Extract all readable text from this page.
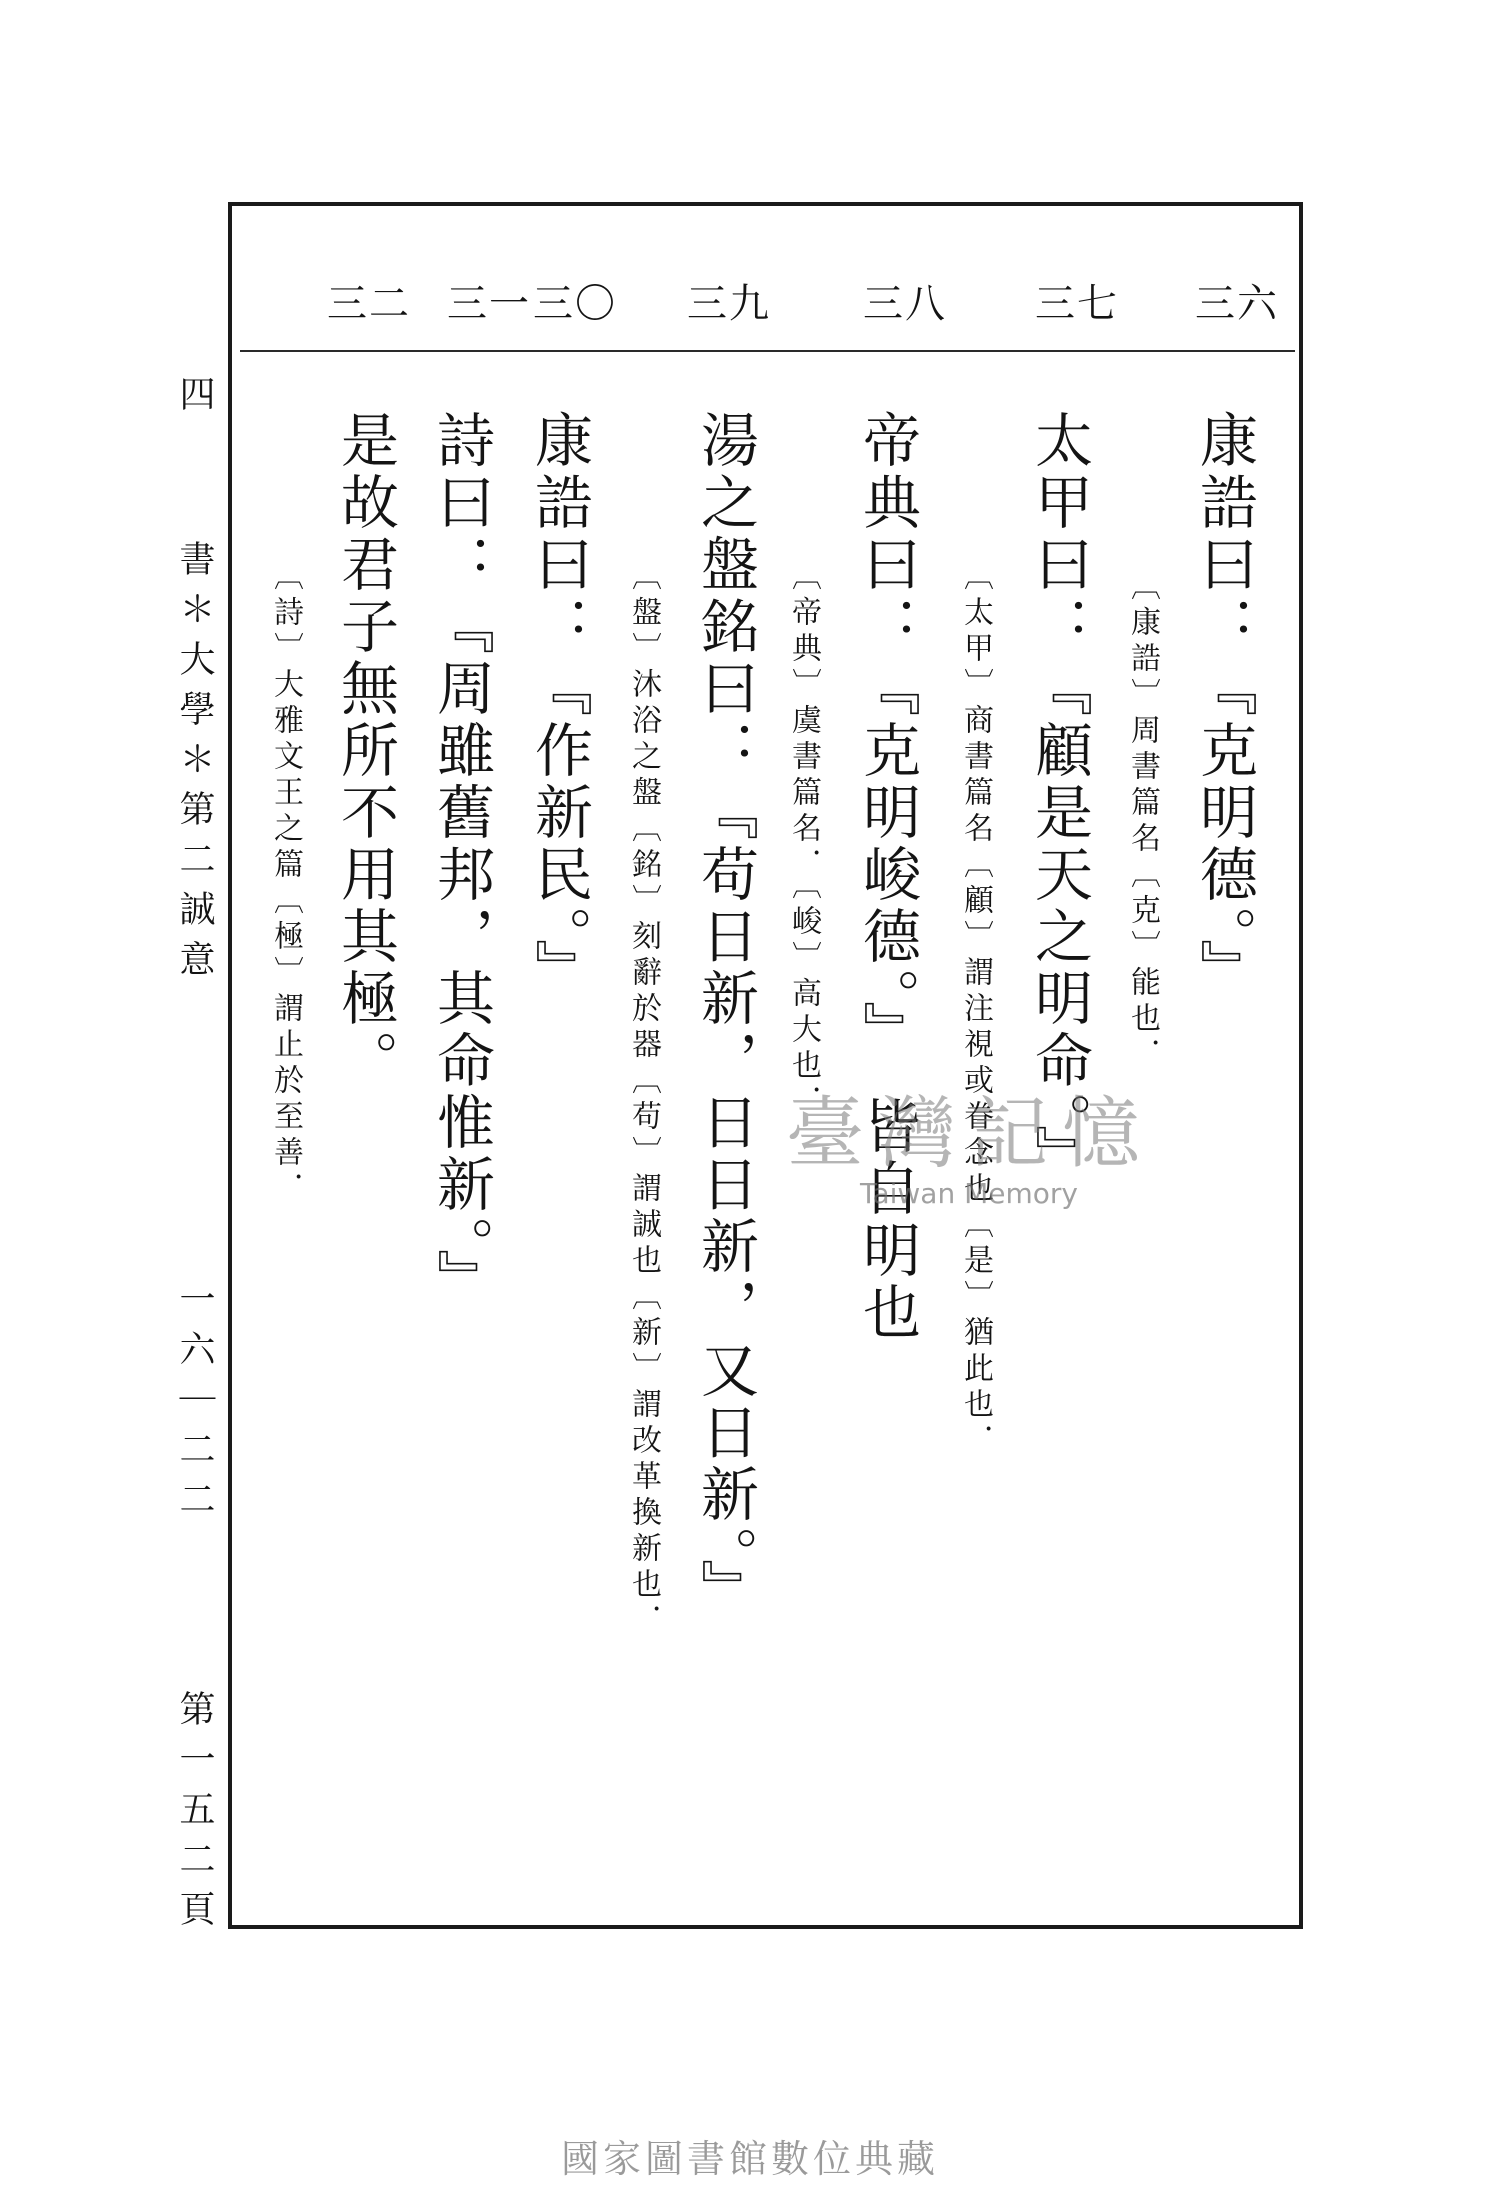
三六
三七
三八
三九
三〇
三一
三二
康誥曰：『克明德。』
〔康誥〕周書篇名〔克〕能也．
太甲曰：『顧是天之明命。』
〔太甲〕商書篇名〔顧〕謂注視或眷念也〔是〕猶此也．
帝典曰：『克明峻德。』　皆自明也
〔帝典〕虞書篇名．〔峻〕高大也．
湯之盤銘曰：『苟日新，日日新，又日新。』
〔盤〕沐浴之盤〔銘〕刻辭於器〔苟〕謂誠也〔新〕謂改革換新也．
康誥曰：『作新民。』
詩曰：『周雖舊邦，其命惟新。』
是故君子無所不用其極。
〔詩〕大雅文王之篇〔極〕謂止於至善．
四
書＊大學＊第二誠意
一六｜二二
第一五二頁
臺灣記憶
Taiwan Memory
國家圖書館數位典藏
